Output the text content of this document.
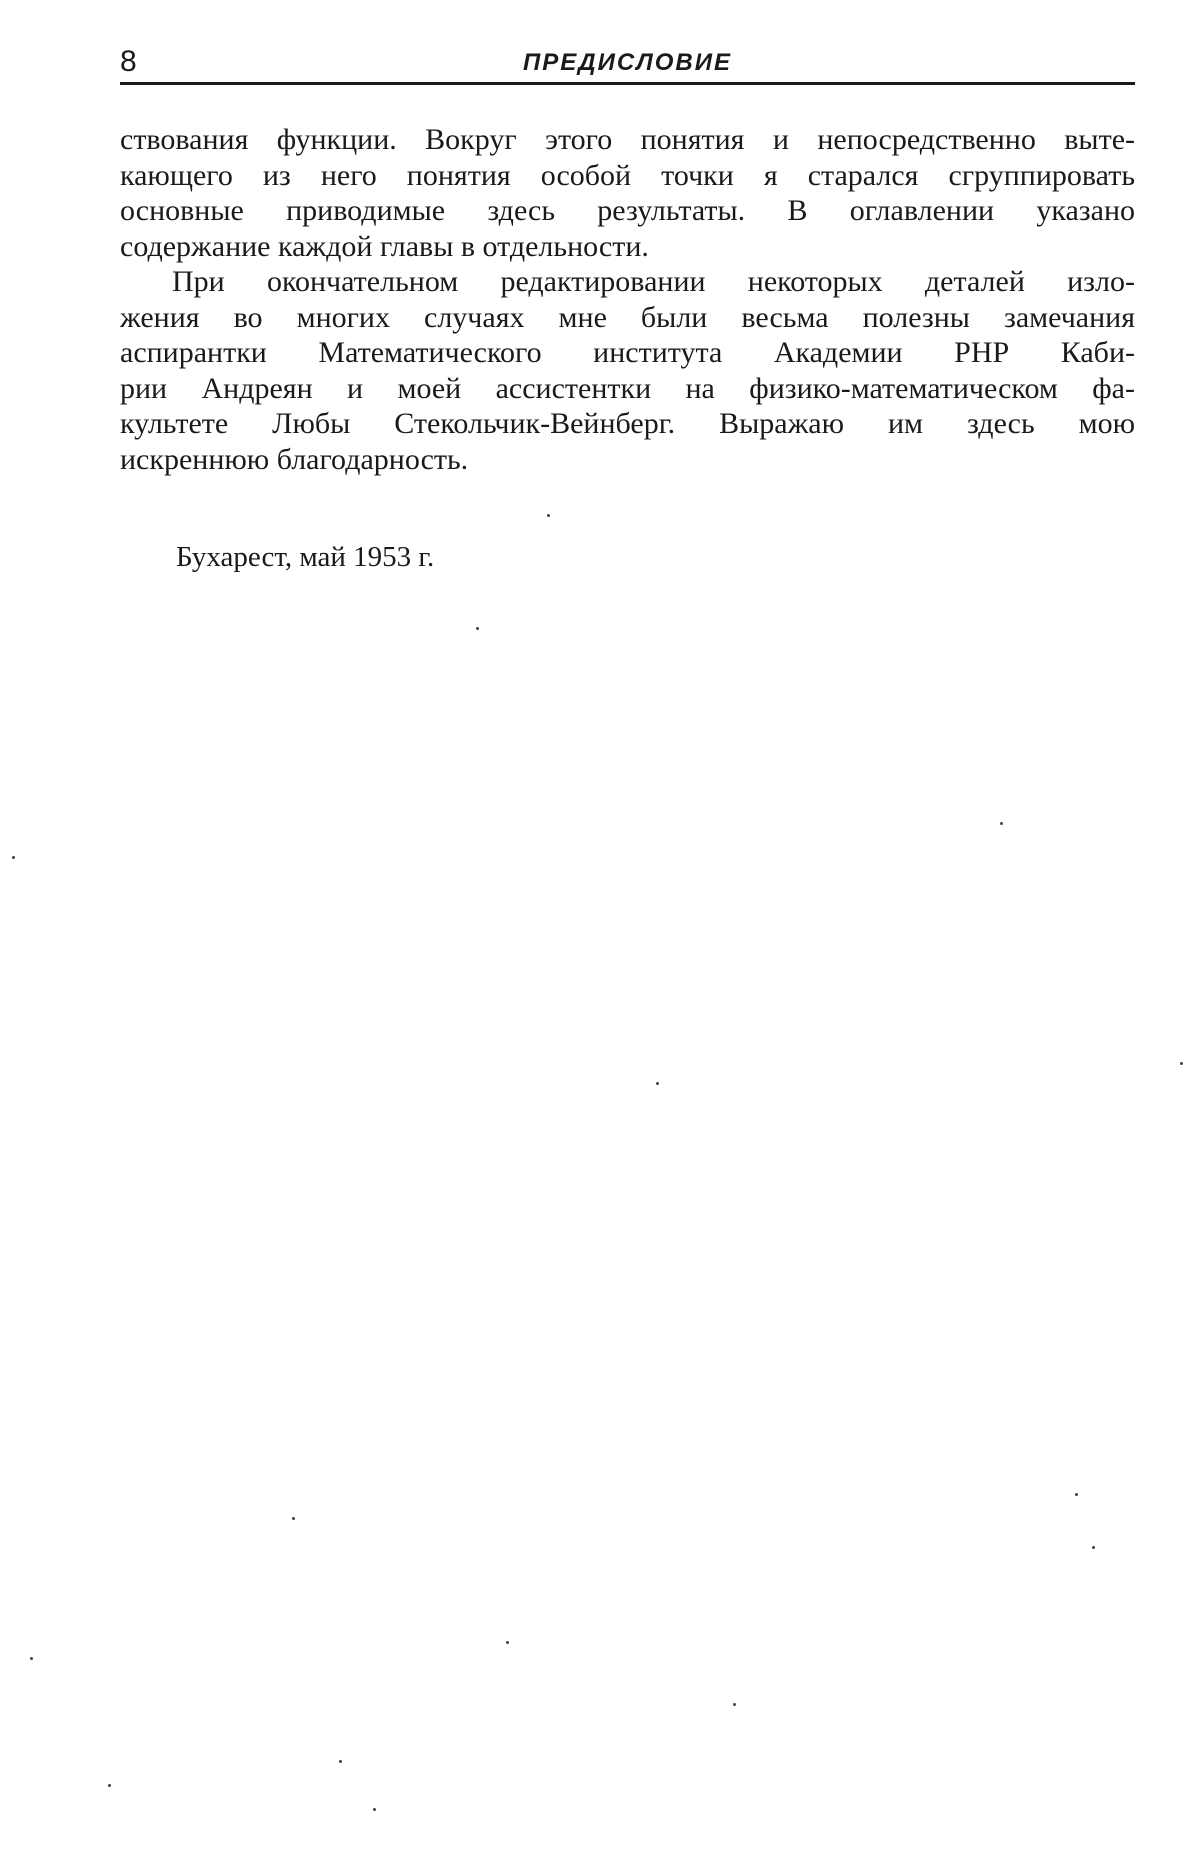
8	ПРЕДИСЛОВИЕ

ствования функции. Вокруг этого понятия и непосредственно выте-
кающего из него понятия особой точки я старался сгруппировать
основные приводимые здесь результаты. В оглавлении указано
содержание каждой главы в отдельности.

При окончательном редактировании некоторых деталей изло-
жения во многих случаях мне были весьма полезны замечания
аспирантки Математического института Академии РНР Каби-
рии Андреян и моей ассистентки на физико-математическом фа-
культете Любы Стекольчик-Вейнберг. Выражаю им здесь мою
искреннюю благодарность.

Бухарест, май 1953 г.
